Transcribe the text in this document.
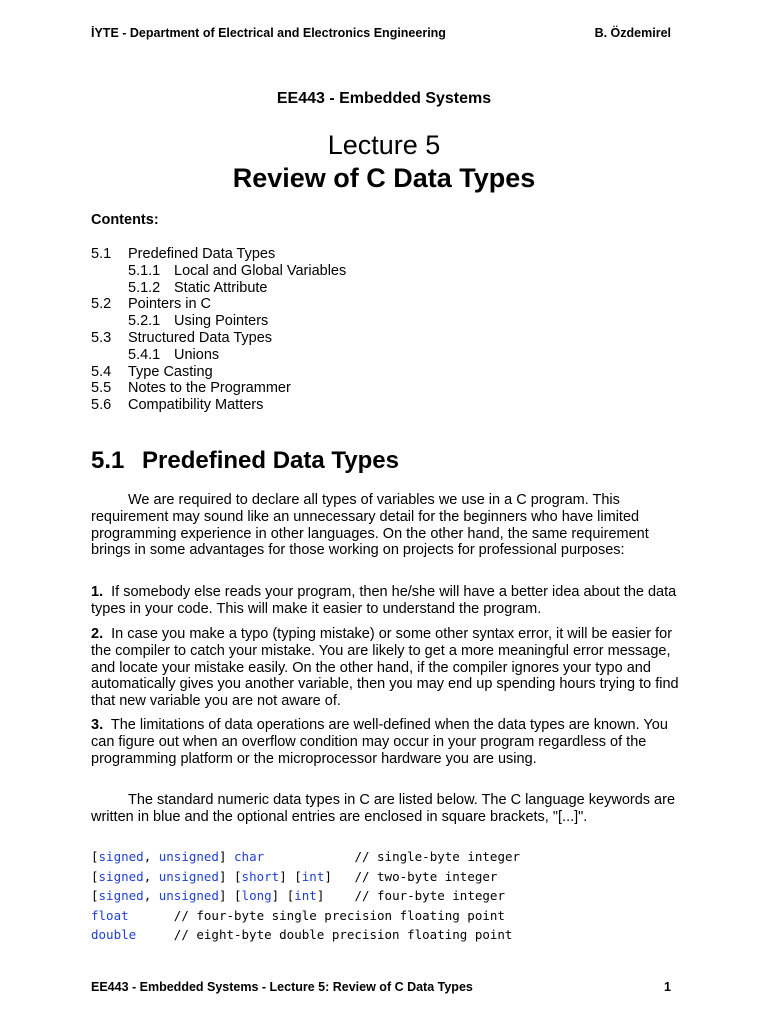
İYTE - Department of Electrical and Electronics Engineering	B. Özdemirel
EE443 - Embedded Systems
Lecture 5
Review of C Data Types
Contents:
5.1 Predefined Data Types
5.1.1 Local and Global Variables
5.1.2 Static Attribute
5.2 Pointers in C
5.2.1 Using Pointers
5.3 Structured Data Types
5.4.1 Unions
5.4 Type Casting
5.5 Notes to the Programmer
5.6 Compatibility Matters
5.1 Predefined Data Types

We are required to declare all types of variables we use in a C program. This requirement may sound like an unnecessary detail for the beginners who have limited programming experience in other languages. On the other hand, the same requirement brings in some advantages for those working on projects for professional purposes:

1. If somebody else reads your program, then he/she will have a better idea about the data types in your code. This will make it easier to understand the program.

2. In case you make a typo (typing mistake) or some other syntax error, it will be easier for the compiler to catch your mistake. You are likely to get a more meaningful error message, and locate your mistake easily. On the other hand, if the compiler ignores your typo and automatically gives you another variable, then you may end up spending hours trying to find that new variable you are not aware of.

3. The limitations of data operations are well-defined when the data types are known. You can figure out when an overflow condition may occur in your program regardless of the programming platform or the microprocessor hardware you are using.

The standard numeric data types in C are listed below. The C language keywords are written in blue and the optional entries are enclosed in square brackets, "[...]".

[signed, unsigned] char	// single-byte integer
[signed, unsigned] [short] [int]   // two-byte integer
[signed, unsigned] [long] [int]    // four-byte integer
float	// four-byte single precision floating point
double	// eight-byte double precision floating point
EE443 - Embedded Systems - Lecture 5: Review of C Data Types	1
